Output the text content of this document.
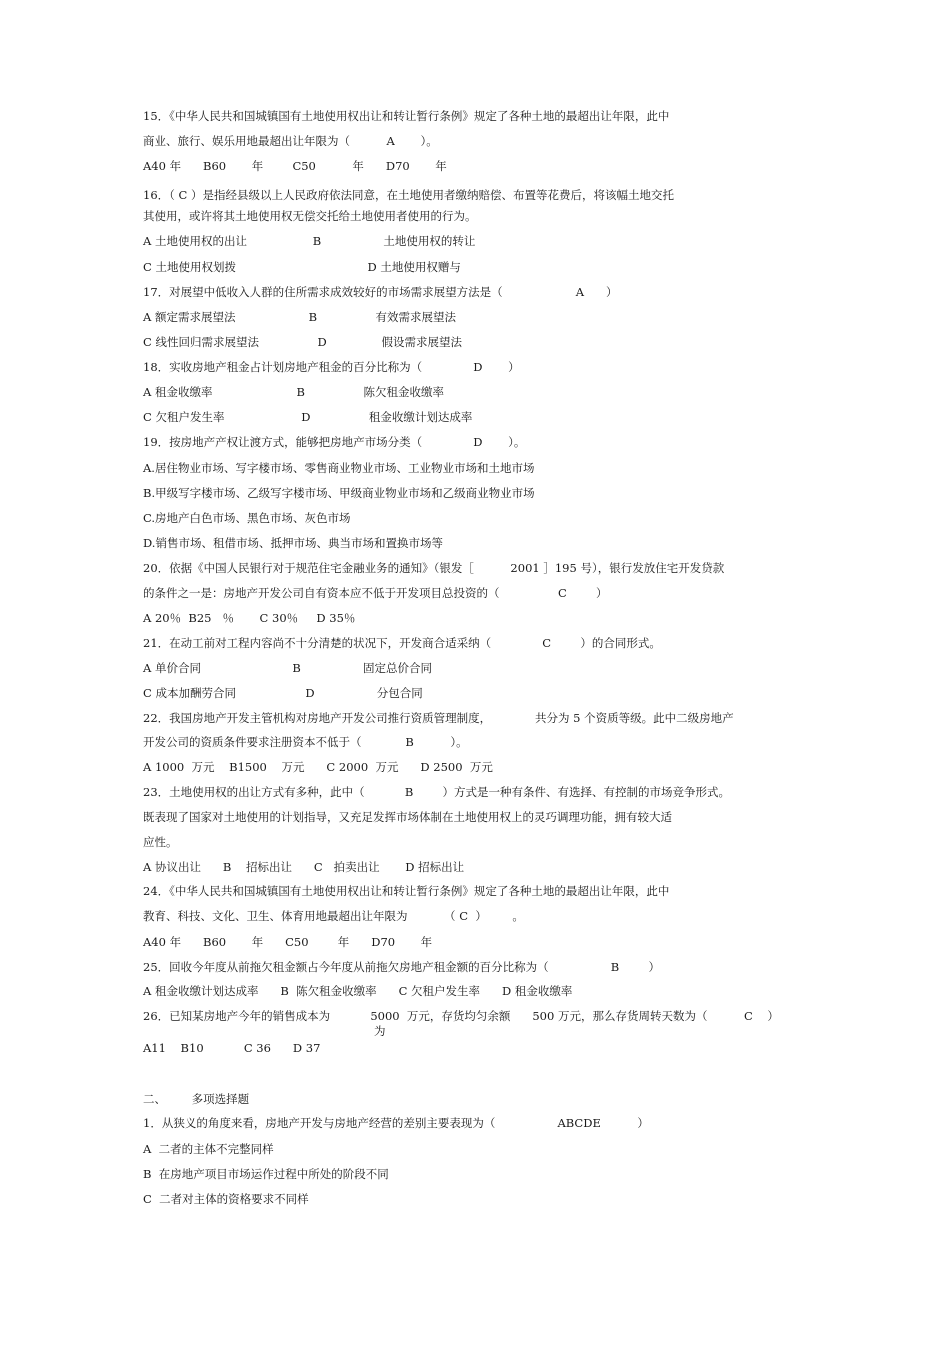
15．《中华人民共和国城镇国有土地使用权出让和转让暂行条例》规定了各种土地的最超出让年限，此中
商业、旅行、娱乐用地最超出让年限为（          A       ）。
A40 年      B60       年        C50          年      D70       年
16．（ C ）是指经县级以上人民政府依法同意，在土地使用者缴纳赔偿、布置等花费后，将该幅土地交托
其使用，或许将其土地使用权无偿交托给土地使用者使用的行为。
A 土地使用权的出让                  B                 土地使用权的转让
C 土地使用权划拨                                    D 土地使用权赠与
17．对展望中低收入人群的住所需求成效较好的市场需求展望方法是（                    A      ）
A 额定需求展望法                    B                有效需求展望法
C 线性回归需求展望法                D               假设需求展望法
18．实收房地产租金占计划房地产租金的百分比称为（              D       ）
A 租金收缴率                       B                陈欠租金收缴率
C 欠租户发生率                     D                租金收缴计划达成率
19．按房地产产权让渡方式，能够把房地产市场分类（              D       ）。
A.居住物业市场、写字楼市场、零售商业物业市场、工业物业市场和土地市场
B.甲级写字楼市场、乙级写字楼市场、甲级商业物业市场和乙级商业物业市场
C.房地产白色市场、黑色市场、灰色市场
D.销售市场、租借市场、抵押市场、典当市场和置换市场等
20．依据《中国人民银行对于规范住宅金融业务的通知》（银发［          2001 ］195 号），银行发放住宅开发贷款
的条件之一是：房地产开发公司自有资本应不低于开发项目总投资的（                C        ）
A 20％  B25   ％       C 30％     D 35％
21．在动工前对工程内容尚不十分清楚的状况下，开发商合适采纳（              C        ）的合同形式。
A 单价合同                         B                 固定总价合同
C 成本加酬劳合同                   D                 分包合同
22．我国房地产开发主管机构对房地产开发公司推行资质管理制度，            共分为 5 个资质等级。此中二级房地产
开发公司的资质条件要求注册资本不低于（            B          ）。
A 1000  万元    B1500    万元      C 2000  万元      D 2500  万元
23．土地使用权的出让方式有多种，此中（           B        ）方式是一种有条件、有选择、有控制的市场竞争形式。
既表现了国家对土地使用的计划指导，又充足发挥市场体制在土地使用权上的灵巧调理功能，拥有较大适
应性。
A 协议出让      B    招标出让      C   拍卖出让       D 招标出让
24．《中华人民共和国城镇国有土地使用权出让和转让暂行条例》规定了各种土地的最超出让年限，此中
教育、科技、文化、卫生、体育用地最超出让年限为          （ C  ）       。
A40 年      B60       年      C50        年      D70       年
25．回收今年度从前拖欠租金额占今年度从前拖欠房地产租金额的百分比称为（                 B        ）
A 租金收缴计划达成率      B  陈欠租金收缴率      C 欠租户发生率      D 租金收缴率
26．已知某房地产今年的销售成本为           5000  万元，存货均匀余额      500 万元，那么存货周转天数为（          C    ）
为
A11    B10           C 36      D 37
二、       多项选择题
1．从狭义的角度来看，房地产开发与房地产经营的差别主要表现为（                 ABCDE          ）
A  二者的主体不完整同样
B  在房地产项目市场运作过程中所处的阶段不同
C  二者对主体的资格要求不同样
